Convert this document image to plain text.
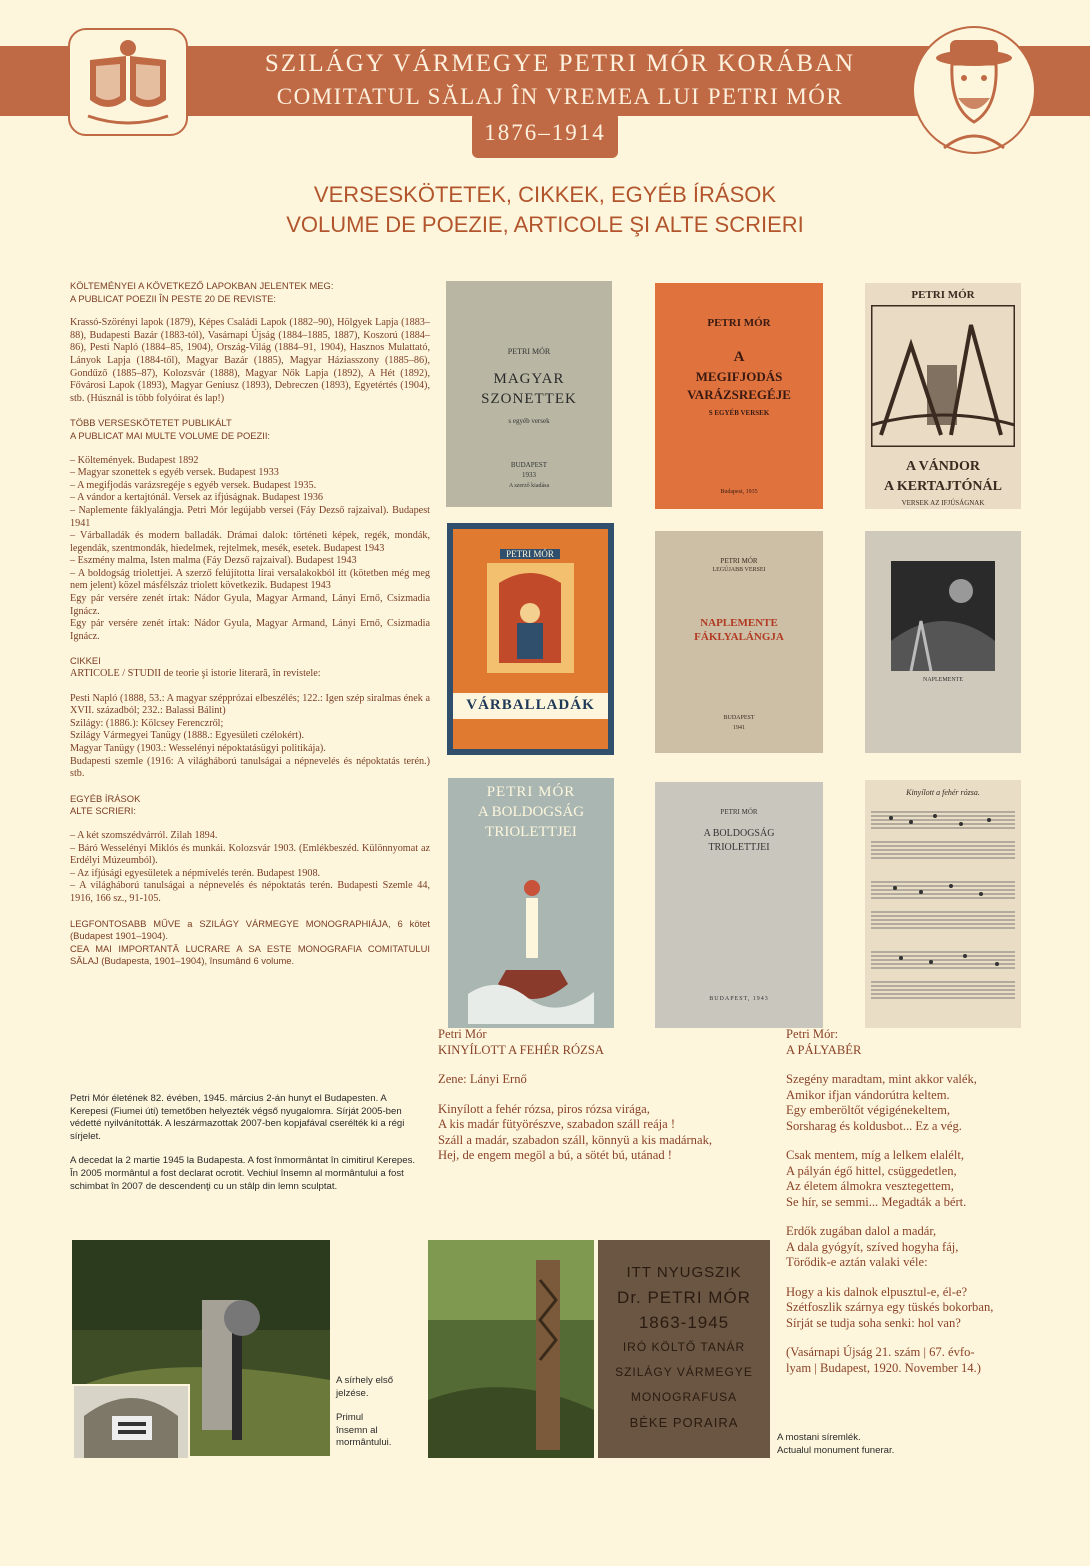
SZILÁGY VÁRMEGYE PETRI MÓR KORÁBAN
COMITATUL SĂLAJ ÎN VREMEA LUI PETRI MÓR
1876–1914
VERSESKÖTETEK, CIKKEK, EGYÉB ÍRÁSOK
VOLUME DE POEZIE, ARTICOLE ŞI ALTE SCRIERI

KÖLTEMÉNYEI A KÖVETKEZŐ LAPOKBAN JELENTEK MEG:
A PUBLICAT POEZII ÎN PESTE 20 DE REVISTE:

Krassó-Szörényi lapok (1879), Képes Családi Lapok (1882–90), Hölgyek Lapja (1883–88), Budapesti Bazár (1883-tól), Vasárnapi Újság (1884–1885, 1887), Koszorú (1884–86), Pesti Napló (1884–85, 1904), Ország-Világ (1884–91, 1904), Hasznos Mulattató, Lányok Lapja (1884-től), Magyar Bazár (1885), Magyar Háziasszony (1885–86), Gondűző (1885–87), Kolozsvár (1888), Magyar Nők Lapja (1892), A Hét (1892), Fővárosi Lapok (1893), Magyar Geniusz (1893), Debreczen (1893), Egyetértés (1904), stb. (Húsznál is több folyóirat és lap!)

TÖBB VERSESKÖTETET PUBLIKÁLT
A PUBLICAT MAI MULTE VOLUME DE POEZII:

– Költemények. Budapest 1892
– Magyar szonettek s egyéb versek. Budapest 1933
– A megifjodás varázsregéje s egyéb versek. Budapest 1935.
– A vándor a kertajtónál. Versek az ifjúságnak. Budapest 1936
– Naplemente fáklyalángja. Petri Mór legújabb versei (Fáy Dezső rajzaival). Budapest 1941
– Várballadák és modern balladák. Drámai dalok: történeti képek, regék, mondák, legendák, szentmondák, hiedelmek, rejtelmek, mesék, esetek. Budapest 1943
– Eszmény malma, Isten malma (Fáy Dezső rajzaival). Budapest 1943
– A boldogság triolettjei. A szerző felújította lírai versalakokból itt (kötetben még meg nem jelent) közel másfélszáz triolett következik. Budapest 1943
Egy pár versére zenét írtak: Nádor Gyula, Magyar Armand, Lányi Ernő, Csizmadia Ignácz.
Egy pár versére zenét írtak: Nádor Gyula, Magyar Armand, Lányi Ernő, Csizmadia Ignácz.

CIKKEI
ARTICOLE / STUDII de teorie şi istorie literară, în revistele:

Pesti Napló (1888, 53.: A magyar szépprózai elbeszélés; 122.: Igen szép siralmas ének a XVII. századból; 232.: Balassi Bálint)
Szilágy: (1886.): Kölcsey Ferenczről;
Szilágy Vármegyei Tanügy (1888.: Egyesületi czélokért).
Magyar Tanügy (1903.: Wesselényi népoktatásügyi politikája).
Budapesti szemle (1916: A világháború tanulságai a népnevelés és népoktatás terén.) stb.

EGYÉB ÍRÁSOK
ALTE SCRIERI:

– A két szomszédvárról. Zilah 1894.
– Báró Wesselényi Miklós és munkái. Kolozsvár 1903. (Emlékbeszéd. Különnyomat az Erdélyi Múzeumból).
– Az ifjúsági egyesületek a népmívelés terén. Budapest 1908.
– A világháború tanulságai a népnevelés és népoktatás terén. Budapesti Szemle 44, 1916, 166 sz., 91-105.

LEGFONTOSABB MŰVE a SZILÁGY VÁRMEGYE MONOGRAPHIÁJA, 6 kötet (Budapest 1901–1904).
CEA MAI IMPORTANTĂ LUCRARE A SA ESTE MONOGRAFIA COMITATULUI SĂLAJ (Budapesta, 1901–1904), însumând 6 volume.

Petri Mór életének 82. évében, 1945. március 2-án hunyt el Budapesten. A Kerepesi (Fiumei úti) temetőben helyezték végső nyugalomra. Sírját 2005-ben védetté nyilvánították. A leszármazottak 2007-ben kopjafával cserélték ki a régi sírjelet.

A decedat la 2 martie 1945 la Budapesta. A fost înmormântat în cimitirul Kerepes. În 2005 mormântul a fost declarat ocrotit. Vechiul însemn al mormântului a fost schimbat în 2007 de descendenţi cu un stâlp din lemn sculptat.

PETRI MÓR
MAGYAR
SZONETTEK
s egyéb versek
BUDAPEST
1933
A szerző kiadása
PETRI MÓR
A
MEGIFJODÁS
VARÁZSREGÉJE
S EGYÉB VERSEK
Budapest, 1935
PETRI MÓR
A VÁNDOR
A KERTAJTÓNÁL
VERSEK AZ IFJÚSÁGNAK
PETRI MÓR
VÁRBALLADÁK
PETRI MÓR
LEGÚJABB VERSEI
NAPLEMENTE
FÁKLYALÁNGJA
BUDAPEST
1941
NAPLEMENTE
PETRI MÓR
A BOLDOGSÁG
TRIOLETTJEI
PETRI MÓR
A BOLDOGSÁG
TRIOLETTJEI
BUDAPEST, 1943
Kinyílott a fehér rózsa.

Petri Mór
KINYÍLOTT A FEHÉR RÓZSA

Zene: Lányi Ernő

Kinyílott a fehér rózsa, piros rózsa virága,
A kis madár fütyörészve, szabadon száll reája !
Száll a madár, szabadon száll, könnyü a kis madárnak,
Hej, de engem megöl a bú, a sötét bú, utánad !

Petri Mór:
A PÁLYABÉR

Szegény maradtam, mint akkor valék,
Amikor ifjan vándorútra keltem.
Egy emberöltőt végigénekeltem,
Sorsharag és koldusbot... Ez a vég.

Csak mentem, míg a lelkem elalélt,
A pályán égő hittel, csüggedetlen,
Az életem álmokra vesztegettem,
Se hír, se semmi... Megadták a bért.

Erdők zugában dalol a madár,
A dala gyógyít, szíved hogyha fáj,
Törődik-e aztán valaki véle:

Hogy a kis dalnok elpusztul-e, él-e?
Szétfoszlik szárnya egy tüskés bokorban,
Sírját se tudja soha senki: hol van?

(Vasárnapi Újság 21. szám | 67. évfo-
lyam | Budapest, 1920. November 14.)

A sírhely első
jelzése.
Primul
însemn al
mormântului.
ITT NYUGSZIK
Dr. PETRI MÓR
1863-1945
IRÓ KÖLTŐ TANÁR
SZILÁGY VÁRMEGYE
MONOGRAFUSA
BÉKE PORAIRA
A mostani síremlék.
Actualul monument funerar.
